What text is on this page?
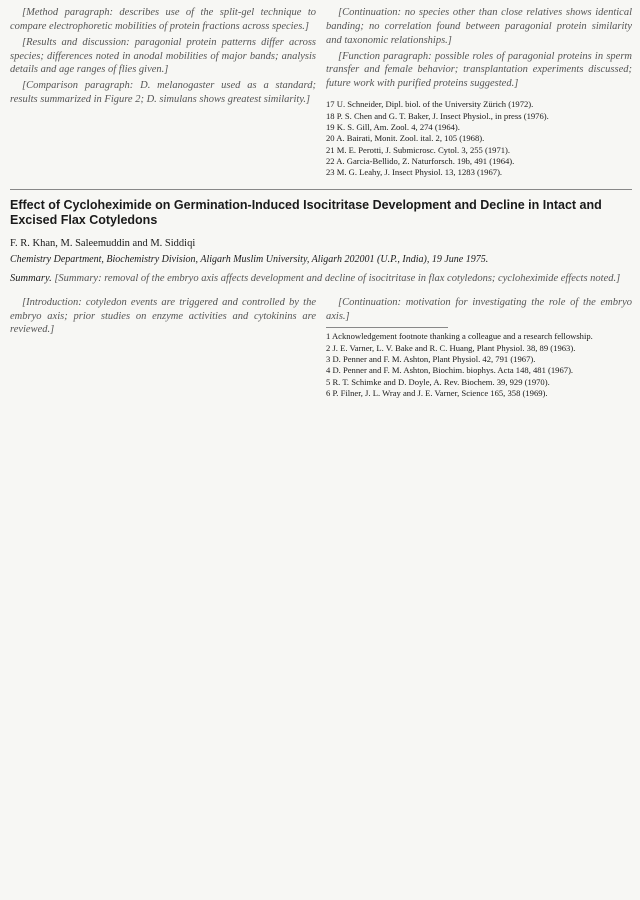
[Method paragraph: describes use of the split-gel technique to compare electrophoretic mobilities of protein fractions across species.]

[Results and discussion: paragonial protein patterns differ across species; differences noted in anodal mobilities of major bands; analysis details and age ranges of flies given.]

[Comparison paragraph: D. melanogaster used as a standard; results summarized in Figure 2; D. simulans shows greatest similarity.]

[Continuation: no species other than close relatives shows identical banding; no correlation found between paragonial protein similarity and taxonomic relationships.]

[Function paragraph: possible roles of paragonial proteins in sperm transfer and female behavior; transplantation experiments discussed; future work with purified proteins suggested.]

17 U. Schneider, Dipl. biol. of the University Zürich (1972).
18 P. S. Chen and G. T. Baker, J. Insect Physiol., in press (1976).
19 K. S. Gill, Am. Zool. 4, 274 (1964).
20 A. Bairati, Monit. Zool. ital. 2, 105 (1968).
21 M. E. Perotti, J. Submicrosc. Cytol. 3, 255 (1971).
22 A. Garcia-Bellido, Z. Naturforsch. 19b, 491 (1964).
23 M. G. Leahy, J. Insect Physiol. 13, 1283 (1967).
Effect of Cycloheximide on Germination-Induced Isocitritase Development and Decline in Intact and Excised Flax Cotyledons
F. R. Khan, M. Saleemuddin and M. Siddiqi
Chemistry Department, Biochemistry Division, Aligarh Muslim University, Aligarh 202001 (U.P., India), 19 June 1975.
Summary. [Summary: removal of the embryo axis affects development and decline of isocitritase in flax cotyledons; cycloheximide effects noted.]

[Introduction: cotyledon events are triggered and controlled by the embryo axis; prior studies on enzyme activities and cytokinins are reviewed.]

[Continuation: motivation for investigating the role of the embryo axis.]

1 Acknowledgement footnote thanking a colleague and a research fellowship.
2 J. E. Varner, L. V. Bake and R. C. Huang, Plant Physiol. 38, 89 (1963).
3 D. Penner and F. M. Ashton, Plant Physiol. 42, 791 (1967).
4 D. Penner and F. M. Ashton, Biochim. biophys. Acta 148, 481 (1967).
5 R. T. Schimke and D. Doyle, A. Rev. Biochem. 39, 929 (1970).
6 P. Filner, J. L. Wray and J. E. Varner, Science 165, 358 (1969).
